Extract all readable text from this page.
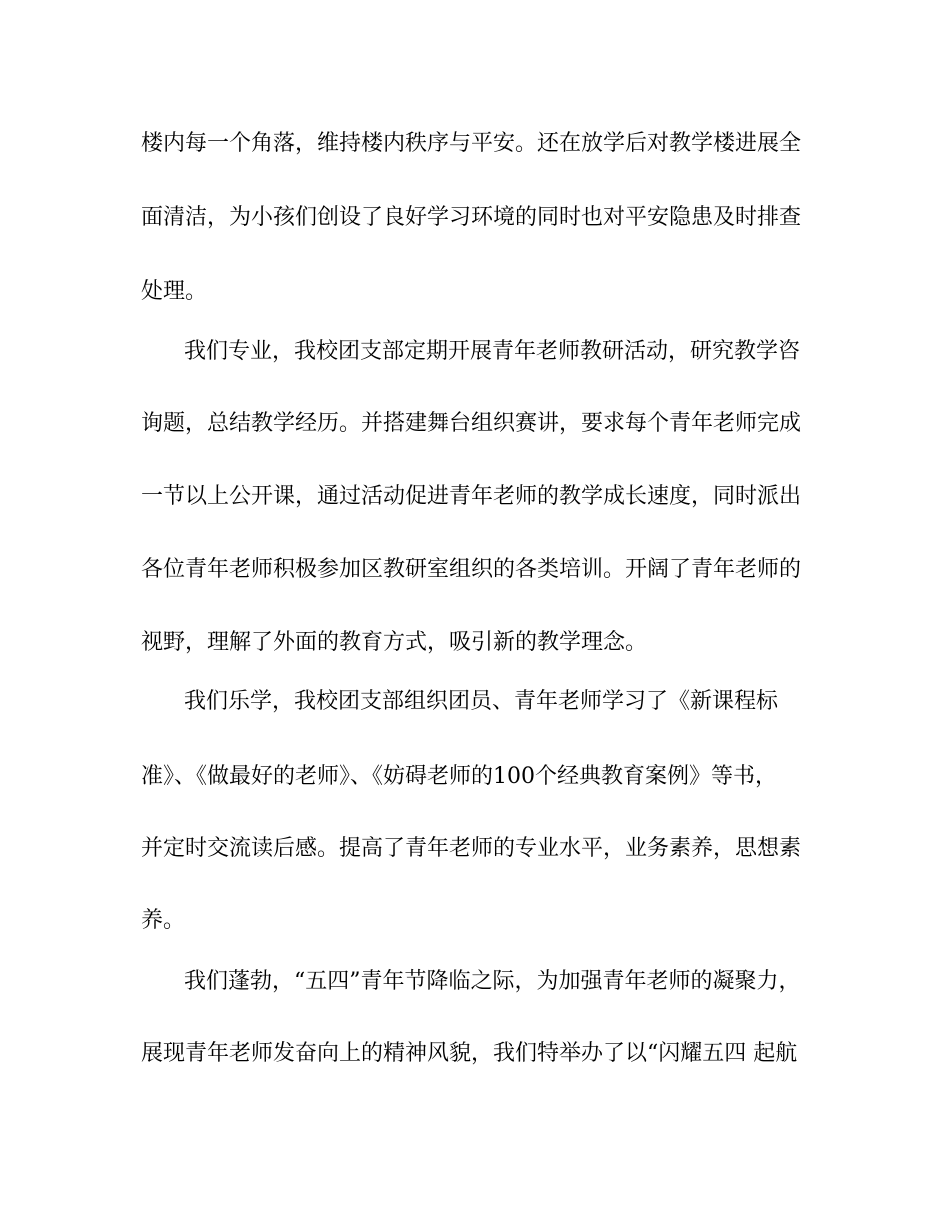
楼内每一个角落，维持楼内秩序与平安。还在放学后对教学楼进展全
面清洁，为小孩们创设了良好学习环境的同时也对平安隐患及时排查
处理。
我们专业，我校团支部定期开展青年老师教研活动，研究教学咨
询题，总结教学经历。并搭建舞台组织赛讲，要求每个青年老师完成
一节以上公开课，通过活动促进青年老师的教学成长速度，同时派出
各位青年老师积极参加区教研室组织的各类培训。开阔了青年老师的
视野，理解了外面的教育方式，吸引新的教学理念。
我们乐学，我校团支部组织团员、青年老师学习了《新课程标
准》、《做最好的老师》、《妨碍老师的100个经典教育案例》等书，
并定时交流读后感。提高了青年老师的专业水平，业务素养，思想素
养。
我们蓬勃，“五四”青年节降临之际，为加强青年老师的凝聚力，
展现青年老师发奋向上的精神风貌，我们特举办了以“闪耀五四 起航
